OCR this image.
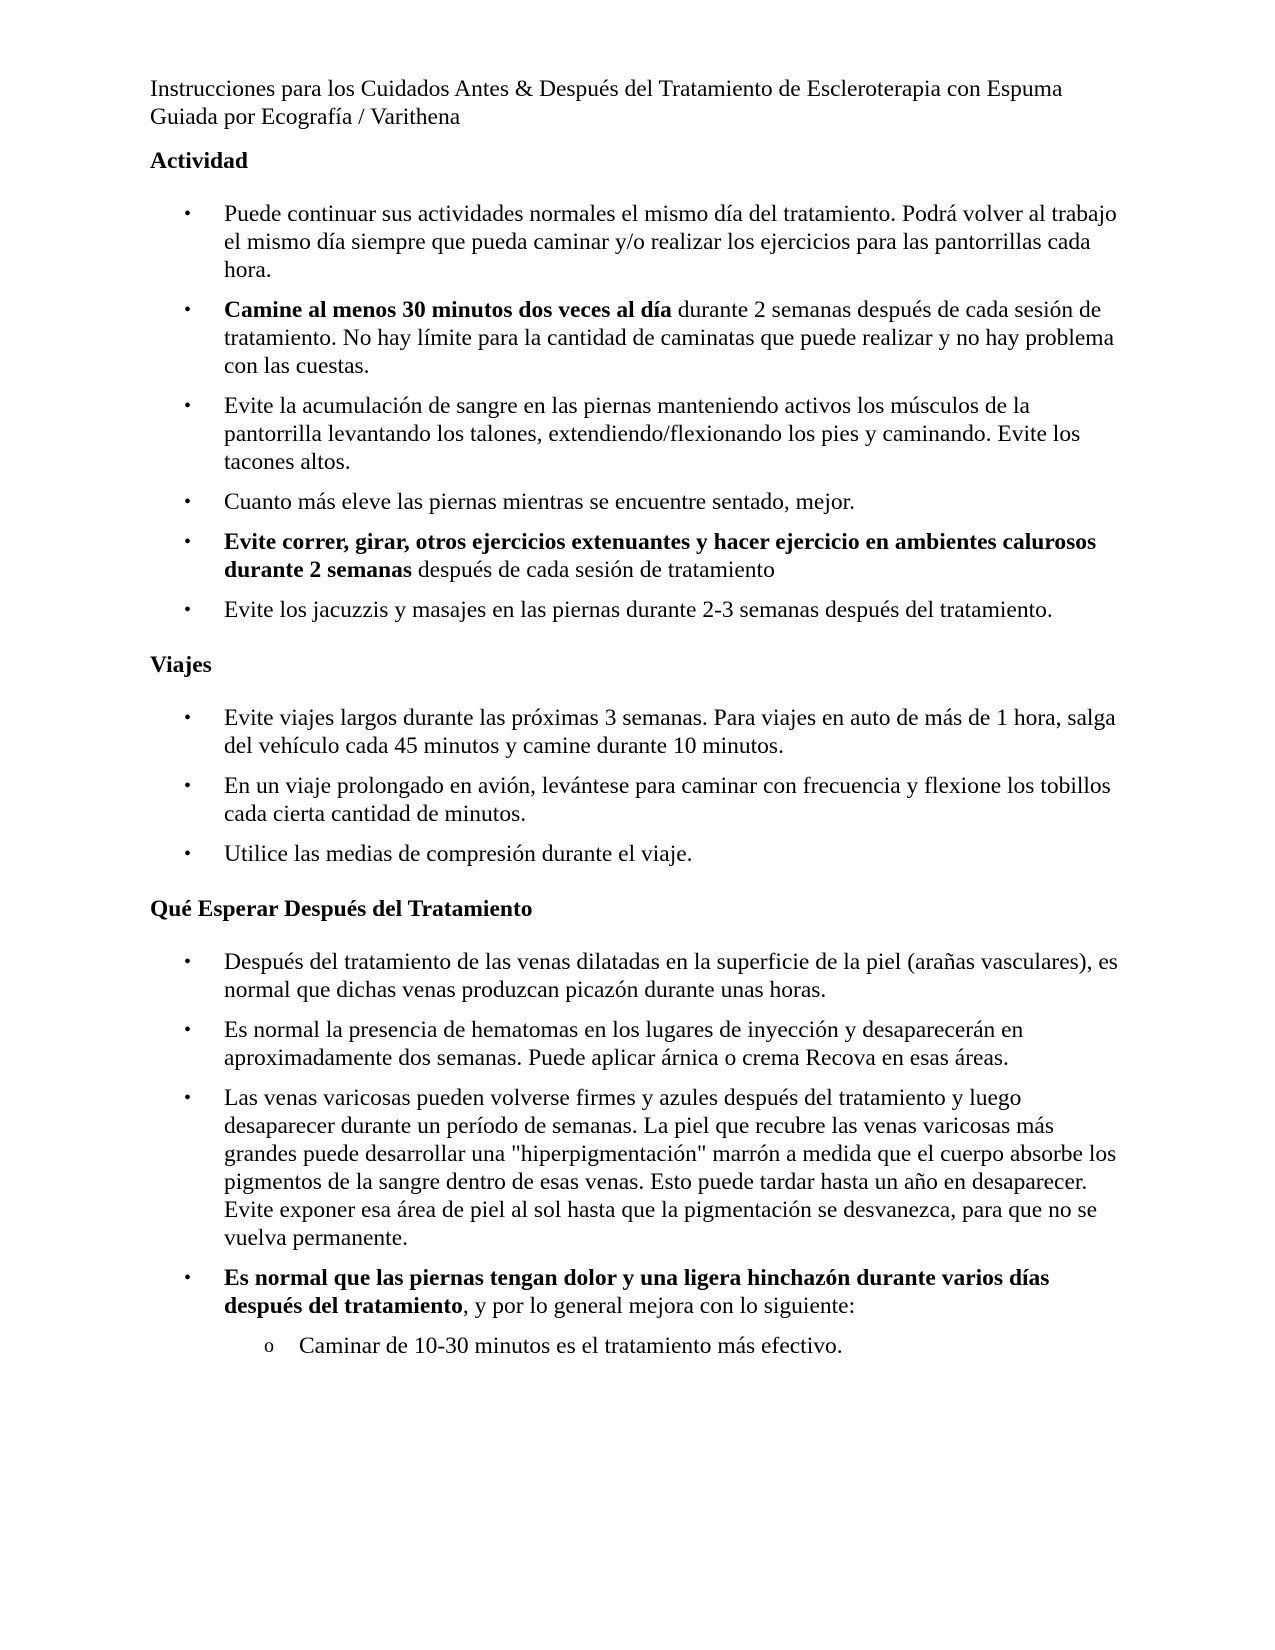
Instrucciones para los Cuidados Antes & Después del Tratamiento de Escleroterapia con Espuma Guiada por Ecografía / Varithena
Actividad
• Puede continuar sus actividades normales el mismo día del tratamiento. Podrá volver al trabajo el mismo día siempre que pueda caminar y/o realizar los ejercicios para las pantorrillas cada hora.
• Camine al menos 30 minutos dos veces al día durante 2 semanas después de cada sesión de tratamiento. No hay límite para la cantidad de caminatas que puede realizar y no hay problema con las cuestas.
• Evite la acumulación de sangre en las piernas manteniendo activos los músculos de la pantorrilla levantando los talones, extendiendo/flexionando los pies y caminando. Evite los tacones altos.
• Cuanto más eleve las piernas mientras se encuentre sentado, mejor.
• Evite correr, girar, otros ejercicios extenuantes y hacer ejercicio en ambientes calurosos durante 2 semanas después de cada sesión de tratamiento
• Evite los jacuzzis y masajes en las piernas durante 2-3 semanas después del tratamiento.
Viajes
• Evite viajes largos durante las próximas 3 semanas. Para viajes en auto de más de 1 hora, salga del vehículo cada 45 minutos y camine durante 10 minutos.
• En un viaje prolongado en avión, levántese para caminar con frecuencia y flexione los tobillos cada cierta cantidad de minutos.
• Utilice las medias de compresión durante el viaje.
Qué Esperar Después del Tratamiento
• Después del tratamiento de las venas dilatadas en la superficie de la piel (arañas vasculares), es normal que dichas venas produzcan picazón durante unas horas.
• Es normal la presencia de hematomas en los lugares de inyección y desaparecerán en aproximadamente dos semanas. Puede aplicar árnica o crema Recova en esas áreas.
• Las venas varicosas pueden volverse firmes y azules después del tratamiento y luego desaparecer durante un período de semanas. La piel que recubre las venas varicosas más grandes puede desarrollar una "hiperpigmentación" marrón a medida que el cuerpo absorbe los pigmentos de la sangre dentro de esas venas. Esto puede tardar hasta un año en desaparecer. Evite exponer esa área de piel al sol hasta que la pigmentación se desvanezca, para que no se vuelva permanente.
• Es normal que las piernas tengan dolor y una ligera hinchazón durante varios días después del tratamiento, y por lo general mejora con lo siguiente:
o Caminar de 10-30 minutos es el tratamiento más efectivo.
